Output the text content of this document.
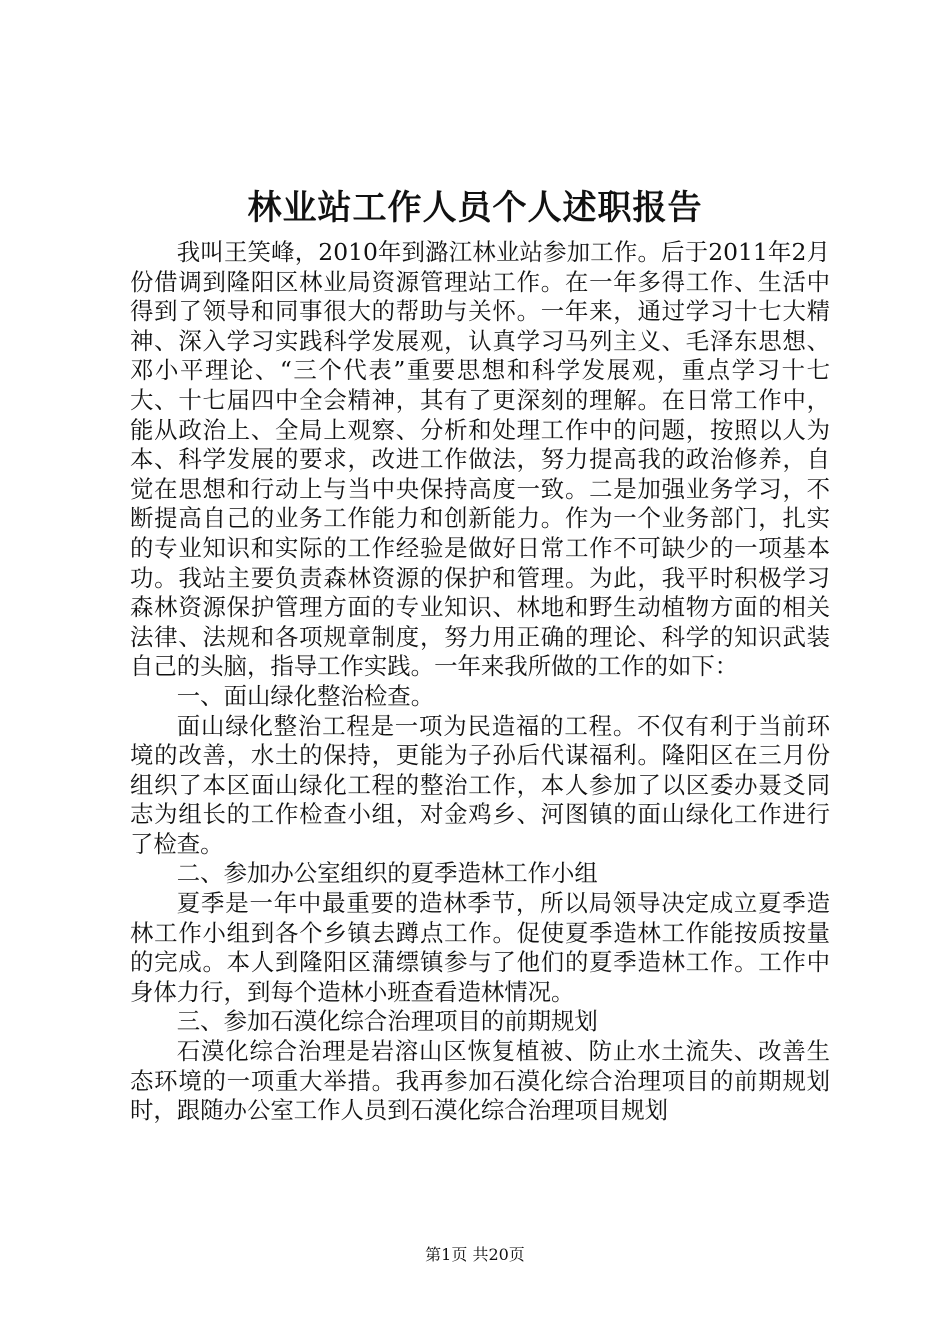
林业站工作人员个人述职报告

我叫王笑峰，2010年到潞江林业站参加工作。后于2011年2月份借调到隆阳区林业局资源管理站工作。在一年多得工作、生活中得到了领导和同事很大的帮助与关怀。一年来，通过学习十七大精神、深入学习实践科学发展观，认真学习马列主义、毛泽东思想、邓小平理论、“三个代表”重要思想和科学发展观，重点学习十七大、十七届四中全会精神，其有了更深刻的理解。在日常工作中，能从政治上、全局上观察、分析和处理工作中的问题，按照以人为本、科学发展的要求，改进工作做法，努力提高我的政治修养，自觉在思想和行动上与当中央保持高度一致。二是加强业务学习，不断提高自己的业务工作能力和创新能力。作为一个业务部门，扎实的专业知识和实际的工作经验是做好日常工作不可缺少的一项基本功。我站主要负责森林资源的保护和管理。为此，我平时积极学习森林资源保护管理方面的专业知识、林地和野生动植物方面的相关法律、法规和各项规章制度，努力用正确的理论、科学的知识武装自己的头脑，指导工作实践。一年来我所做的工作的如下：

一、面山绿化整治检查。

面山绿化整治工程是一项为民造福的工程。不仅有利于当前环境的改善，水土的保持，更能为子孙后代谋福利。隆阳区在三月份组织了本区面山绿化工程的整治工作，本人参加了以区委办聂爻同志为组长的工作检查小组，对金鸡乡、河图镇的面山绿化工作进行了检查。

二、参加办公室组织的夏季造林工作小组

夏季是一年中最重要的造林季节，所以局领导决定成立夏季造林工作小组到各个乡镇去蹲点工作。促使夏季造林工作能按质按量的完成。本人到隆阳区蒲缥镇参与了他们的夏季造林工作。工作中身体力行，到每个造林小班查看造林情况。

三、参加石漠化综合治理项目的前期规划

石漠化综合治理是岩溶山区恢复植被、防止水土流失、改善生态环境的一项重大举措。我再参加石漠化综合治理项目的前期规划时，跟随办公室工作人员到石漠化综合治理项目规划

第1页 共20页
